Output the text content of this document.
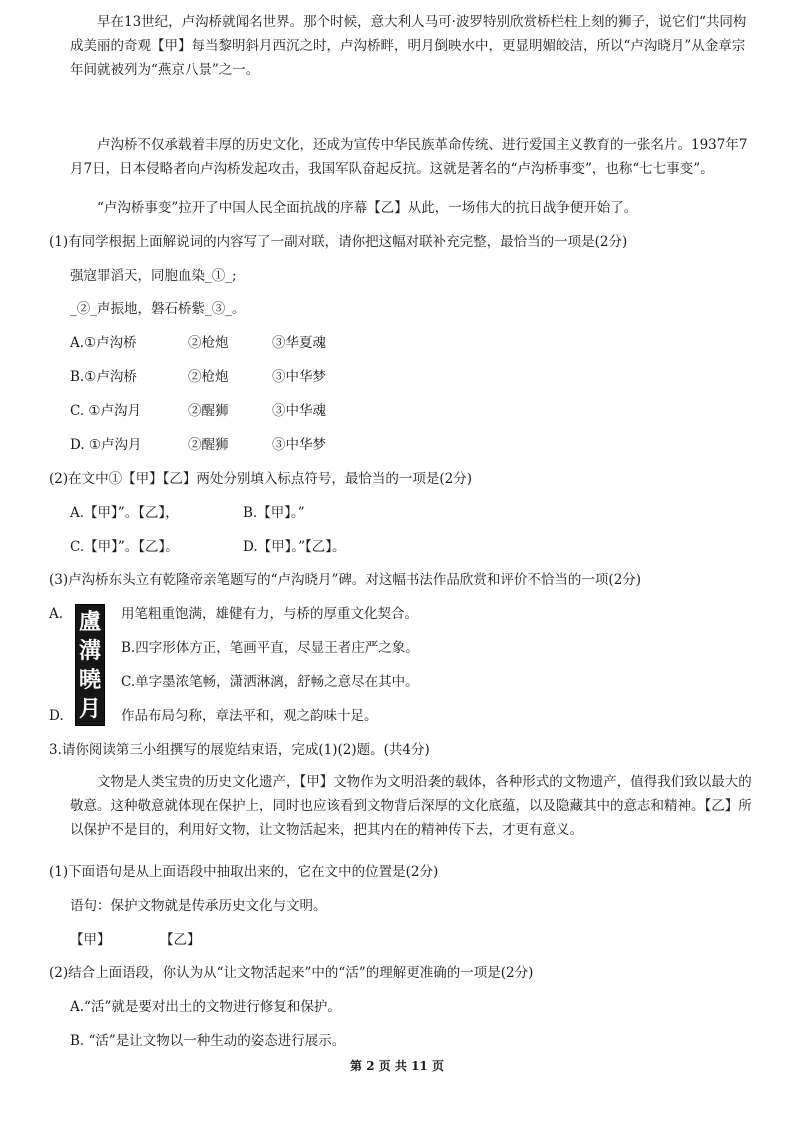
早在13世纪，卢沟桥就闻名世界。那个时候，意大利人马可·波罗特别欣赏桥栏柱上刻的狮子，说它们“共同构成美丽的奇观【甲】每当黎明斜月西沉之时，卢沟桥畔，明月倒映水中，更显明媚皎洁，所以“卢沟晓月”从金章宗年间就被列为“燕京八景”之一。
卢沟桥不仅承载着丰厚的历史文化，还成为宣传中华民族革命传统、进行爱国主义教育的一张名片。1937年7月7日，日本侵略者向卢沟桥发起攻击，我国军队奋起反抗。这就是著名的“卢沟桥事变”，也称“七七事变”。
“卢沟桥事变”拉开了中国人民全面抗战的序幕【乙】从此，一场伟大的抗日战争便开始了。
(1)有同学根据上面解说词的内容写了一副对联，请你把这幅对联补充完整，最恰当的一项是(2分)
强寇罪滔天，同胞血染_①_;
_②_声振地，磐石桥紫_③_。
A.①卢沟桥	②枪炮	③华夏魂
B.①卢沟桥	②枪炮	③中华梦
C. ①卢沟月	②醒狮	③中华魂
D. ①卢沟月	②醒狮	③中华梦
(2)在文中①【甲】【乙】两处分别填入标点符号，最恰当的一项是(2分)
A.【甲】”。【乙】，	B.【甲】。”
C.【甲】”。【乙】。	D.【甲】。”【乙】。
(3)卢沟桥东头立有乾隆帝亲笔题写的“卢沟晓月”碑。对这幅书法作品欣赏和评价不恰当的一项(2分)
A. 盧
溝
曉
月
用笔粗重饱满，雄健有力，与桥的厚重文化契合。
B.四字形体方正，笔画平直，尽显王者庄严之象。
C.单字墨浓笔畅，潇洒淋漓，舒畅之意尽在其中。
D.	作品布局匀称，章法平和，观之韵味十足。
3.请你阅读第三小组撰写的展览结束语，完成(1)(2)题。(共4分)
文物是人类宝贵的历史文化遗产，【甲】文物作为文明沿袭的载体，各种形式的文物遗产，值得我们致以最大的敬意。这种敬意就体现在保护上，同时也应该看到文物背后深厚的文化底蕴，以及隐藏其中的意志和精神。【乙】所以保护不是目的，利用好文物，让文物活起来，把其内在的精神传下去，才更有意义。
(1)下面语句是从上面语段中抽取出来的，它在文中的位置是(2分)
语句：保护文物就是传承历史文化与文明。
【甲】	【乙】
(2)结合上面语段，你认为从“让文物活起来”中的“活”的理解更准确的一项是(2分)
A.“活”就是要对出土的文物进行修复和保护。
B. “活”是让文物以一种生动的姿态进行展示。
第 2 页 共 11 页
